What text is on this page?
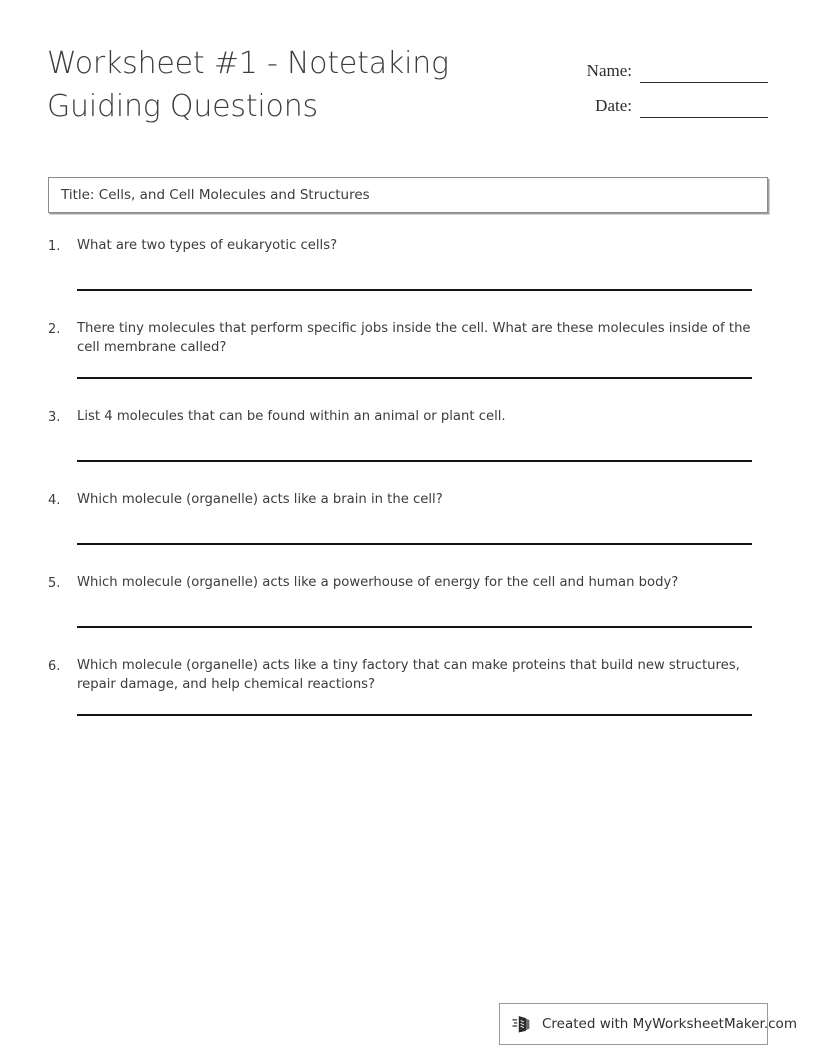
Worksheet #1 - Notetaking Guiding Questions
Name:
Date:
Title: Cells, and Cell Molecules and Structures
1.	What are two types of eukaryotic cells?
2.	There tiny molecules that perform specific jobs inside the cell. What are these molecules inside of the cell membrane called?
3.	List 4 molecules that can be found within an animal or plant cell.
4.	Which molecule (organelle) acts like a brain in the cell?
5.	Which molecule (organelle) acts like a powerhouse of energy for the cell and human body?
6.	Which molecule (organelle) acts like a tiny factory that can make proteins that build new structures, repair damage, and help chemical reactions?
Created with MyWorksheetMaker.com
